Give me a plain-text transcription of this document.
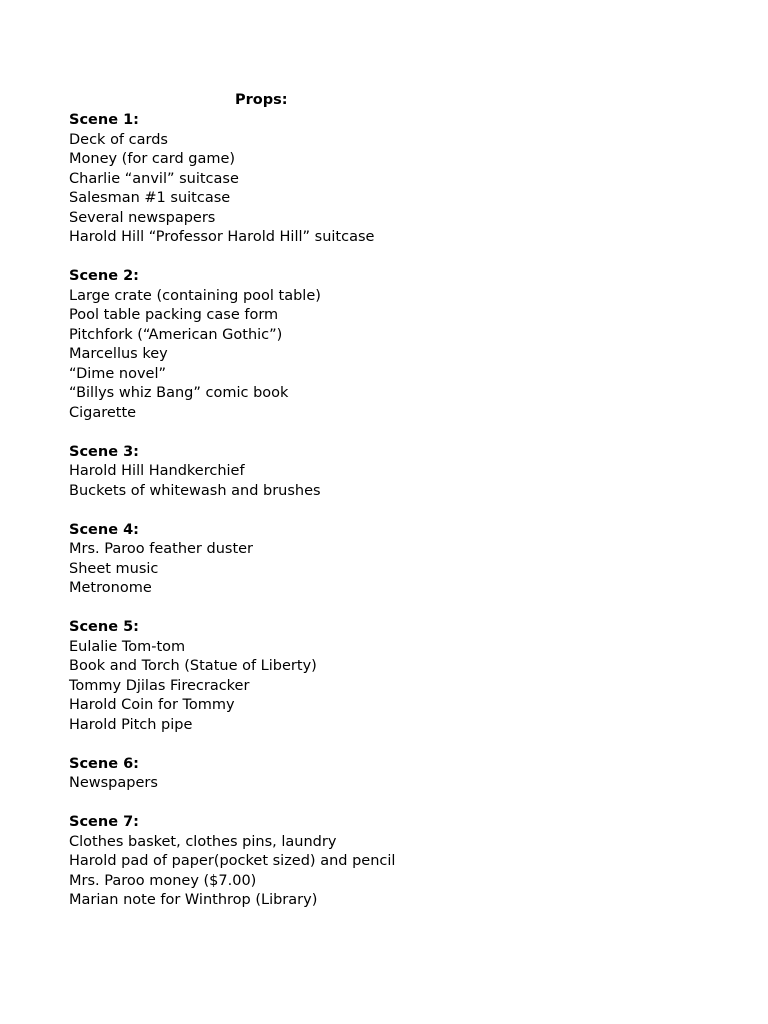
Props:
Scene 1:
Deck of cards
Money (for card game)
Charlie “anvil” suitcase
Salesman #1 suitcase
Several newspapers
Harold Hill “Professor Harold Hill” suitcase
Scene 2:
Large crate (containing pool table)
Pool table packing case form
Pitchfork (“American Gothic”)
Marcellus key
“Dime novel”
“Billys whiz Bang” comic book
Cigarette
Scene 3:
Harold Hill Handkerchief
Buckets of whitewash and brushes
Scene 4:
Mrs. Paroo feather duster
Sheet music
Metronome
Scene 5:
Eulalie Tom-tom
Book and Torch (Statue of Liberty)
Tommy Djilas Firecracker
Harold Coin for Tommy
Harold Pitch pipe
Scene 6:
Newspapers
Scene 7:
Clothes basket, clothes pins, laundry
Harold pad of paper(pocket sized) and pencil
Mrs. Paroo money ($7.00)
Marian note for Winthrop (Library)
